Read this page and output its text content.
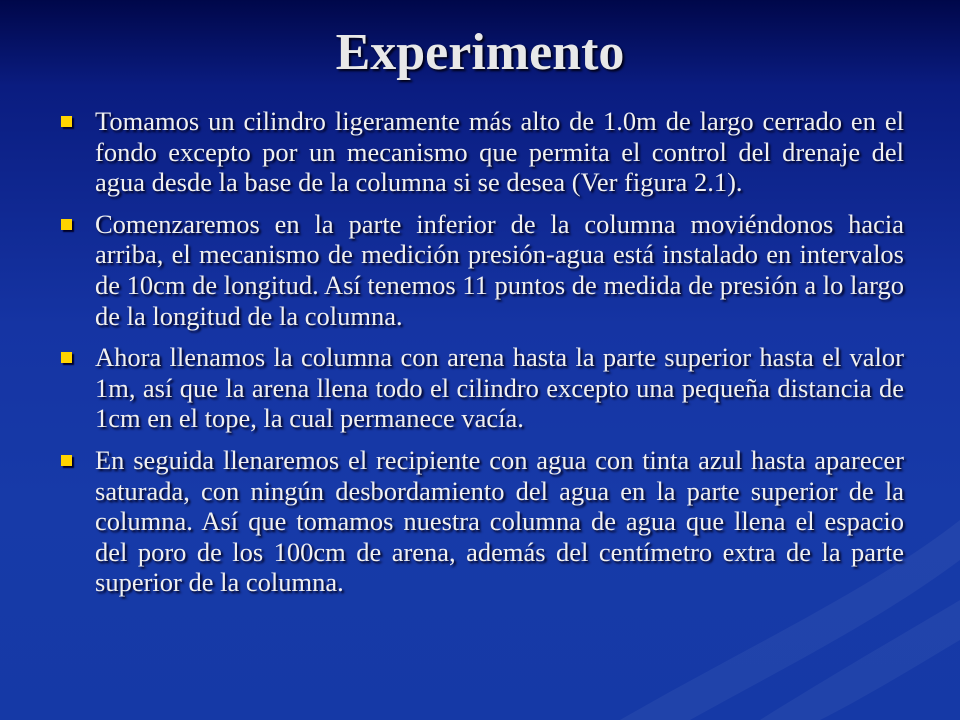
Experimento
Tomamos un cilindro ligeramente más alto de 1.0m de largo cerrado en el fondo excepto por un mecanismo que permita el control del drenaje del agua desde la base de la columna si se desea (Ver figura 2.1).
Comenzaremos en la parte inferior de la columna moviéndonos hacia arriba, el mecanismo de medición presión-agua está instalado en intervalos de 10cm de longitud. Así tenemos 11 puntos de medida de presión a lo largo de la longitud de la columna.
Ahora llenamos la columna con arena hasta la parte superior hasta el valor 1m, así que la arena llena todo el cilindro excepto una pequeña distancia de 1cm en el tope, la cual permanece vacía.
En seguida llenaremos el recipiente con agua con tinta azul hasta aparecer saturada, con ningún desbordamiento del agua en la parte superior de la columna. Así que tomamos nuestra columna de agua que llena el espacio del poro de los 100cm de arena, además del centímetro extra de la parte superior de la columna.
